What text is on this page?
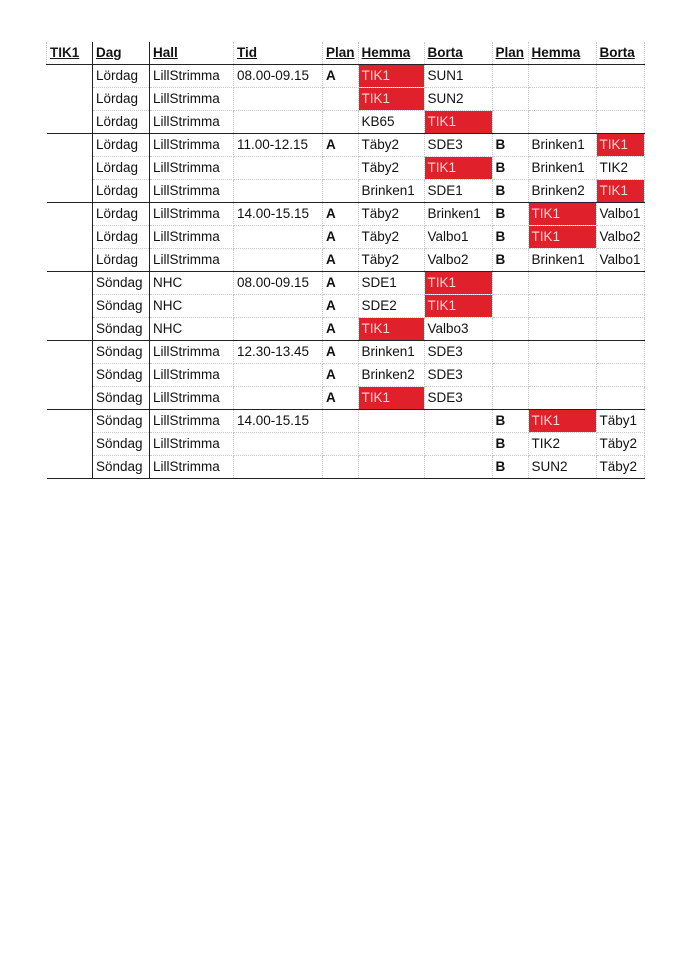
TIK1	Dag	Hall	Tid	Plan	Hemma	Borta	Plan	Hemma	Borta
	Lördag	LillStrimma	08.00-09.15	A	TIK1	SUN1			
	Lördag	LillStrimma			TIK1	SUN2			
	Lördag	LillStrimma			KB65	TIK1			
	Lördag	LillStrimma	11.00-12.15	A	Täby2	SDE3	B	Brinken1	TIK1
	Lördag	LillStrimma			Täby2	TIK1	B	Brinken1	TIK2
	Lördag	LillStrimma			Brinken1	SDE1	B	Brinken2	TIK1
	Lördag	LillStrimma	14.00-15.15	A	Täby2	Brinken1	B	TIK1	Valbo1
	Lördag	LillStrimma		A	Täby2	Valbo1	B	TIK1	Valbo2
	Lördag	LillStrimma		A	Täby2	Valbo2	B	Brinken1	Valbo1
	Söndag	NHC	08.00-09.15	A	SDE1	TIK1			
	Söndag	NHC		A	SDE2	TIK1			
	Söndag	NHC		A	TIK1	Valbo3			
	Söndag	LillStrimma	12.30-13.45	A	Brinken1	SDE3			
	Söndag	LillStrimma		A	Brinken2	SDE3			
	Söndag	LillStrimma		A	TIK1	SDE3			
	Söndag	LillStrimma	14.00-15.15				B	TIK1	Täby1
	Söndag	LillStrimma					B	TIK2	Täby2
	Söndag	LillStrimma					B	SUN2	Täby2
